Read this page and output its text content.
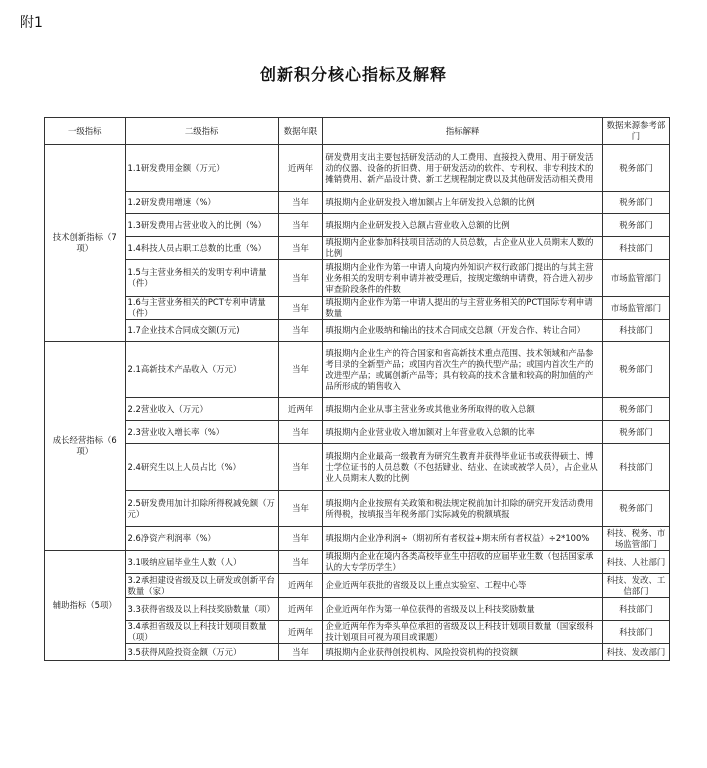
附1
创新积分核心指标及解释
一级指标	二级指标	数据年限	指标解释	数据来源参考部门
技术创新指标（7项）	1.1研发费用金额（万元）	近两年	研发费用支出主要包括研发活动的人工费用、直接投入费用、用于研发活动的仪器、设备的折旧费、用于研发活动的软件、专利权、非专利技术的摊销费用、新产品设计费、新工艺规程制定费以及其他研发活动相关费用	税务部门
	1.2研发费用增速（%）	当年	填报期内企业研发投入增加额占上年研发投入总额的比例	税务部门
	1.3研发费用占营业收入的比例（%）	当年	填报期内企业研发投入总额占营业收入总额的比例	税务部门
	1.4科技人员占职工总数的比重（%）	当年	填报期内企业参加科技项目活动的人员总数，占企业从业人员期末人数的比例	科技部门
	1.5与主营业务相关的发明专利申请量（件）	当年	填报期内企业作为第一申请人向境内外知识产权行政部门提出的与其主营业务相关的发明专利申请并被受理后，按规定缴纳申请费，符合进入初步审查阶段条件的件数	市场监管部门
	1.6与主营业务相关的PCT专利申请量（件）	当年	填报期内企业作为第一申请人提出的与主营业务相关的PCT国际专利申请数量	市场监管部门
	1.7企业技术合同成交额(万元)	当年	填报期内企业吸纳和输出的技术合同成交总额（开发合作、转让合同）	科技部门
成长经营指标（6项）	2.1高新技术产品收入（万元）	当年	填报期内企业生产的符合国家和省高新技术重点范围、技术领域和产品参考目录的全新型产品；或国内首次生产的换代型产品；或国内首次生产的改进型产品；或属创新产品等；具有较高的技术含量和较高的附加值的产品所形成的销售收入	税务部门
	2.2营业收入（万元）	近两年	填报期内企业从事主营业务或其他业务所取得的收入总额	税务部门
	2.3营业收入增长率（%）	当年	填报期内企业营业收入增加额对上年营业收入总额的比率	税务部门
	2.4研究生以上人员占比（%）	当年	填报期内企业最高一级教育为研究生教育并获得毕业证书或获得硕士、博士学位证书的人员总数（不包括肄业、结业、在读或被学人员），占企业从业人员期末人数的比例	科技部门
	2.5研发费用加计扣除所得税减免额（万元）	当年	填报期内企业按照有关政策和税法规定税前加计扣除的研究开发活动费用所得税，按填报当年税务部门实际减免的税额填报	税务部门
	2.6净资产利润率（%）	当年	填报期内企业净利润÷（期初所有者权益+期末所有者权益）÷2*100%	科技、税务、市场监管部门
辅助指标（5项）	3.1吸纳应届毕业生人数（人）	当年	填报期内企业在境内各类高校毕业生中招收的应届毕业生数（包括国家承认的大专学历学生）	科技、人社部门
	3.2承担建设省级及以上研发或创新平台数量（家）	近两年	企业近两年获批的省级及以上重点实验室、工程中心等	科技、发改、工信部门
	3.3获得省级及以上科技奖励数量（项）	近两年	企业近两年作为第一单位获得的省级及以上科技奖励数量	科技部门
	3.4承担省级及以上科技计划项目数量（项）	近两年	企业近两年作为牵头单位承担的省级及以上科技计划项目数量（国家级科技计划项目可视为项目或课题）	科技部门
	3.5获得风险投资金额（万元）	当年	填报期内企业获得创投机构、风险投资机构的投资额	科技、发改部门
